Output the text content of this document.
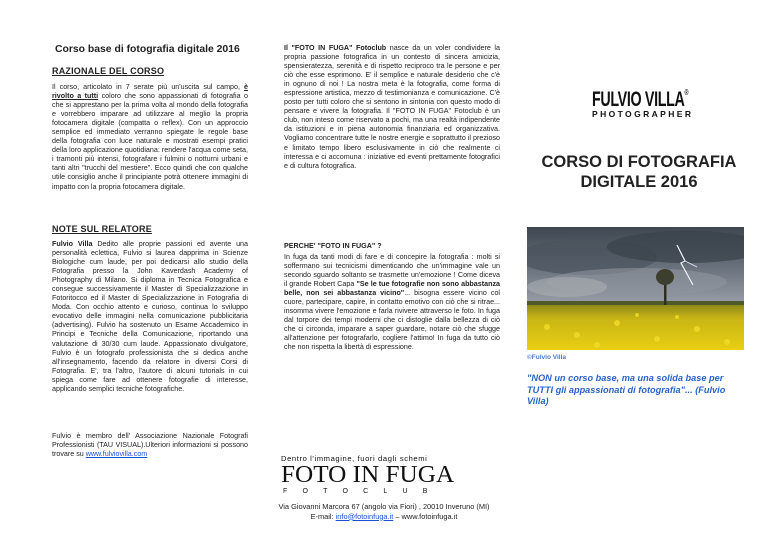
Corso base di fotografia digitale 2016
RAZIONALE DEL CORSO
Il corso, articolato in 7 serate più un'uscita sul campo, è rivolto a tutti coloro che sono appassionati di fotografia o che si apprestano per la prima volta al mondo della fotografia e vorrebbero imparare ad utilizzare al meglio la propria fotocamera digitale (compatta o reflex). Con un approccio semplice ed immediato verranno spiegate le regole base della fotografia con luce naturale e mostrati esempi pratici della loro applicazione quotidiana: rendere l'acqua come seta, i tramonti più intensi, fotografare i fulmini o notturni urbani e tanti altri "trucchi del mestiere". Ecco quindi che con qualche utile consiglio anche il principiante potrà ottenere immagini di impatto con la propria fotocamera digitale.
NOTE SUL RELATORE
Fulvio Villa Dedito alle proprie passioni ed avente una personalità eclettica, Fulvio si laurea dapprima in Scienze Biologiche cum laude, per poi dedicarsi allo studio della Fotografia presso la John Kaverdash Academy of Photography di Milano. Si diploma in Tecnica Fotografica e consegue successivamente il Master di Specializzazione in Fotoritocco ed il Master di Specializzazione in Fotografia di Moda. Con occhio attento e curioso, continua lo sviluppo evocativo delle immagini nella comunicazione pubblicitaria (advertising). Fulvio ha sostenuto un Esame Accademico in Principi e Tecniche della Comunicazione, riportando una valutazione di 30/30 cum laude. Appassionato divulgatore, Fulvio è un fotografo professionista che si dedica anche all'insegnamento, facendo da relatore in diversi Corsi di Fotografia. E', tra l'altro, l'autore di alcuni tutorials in cui spiega come fare ad ottenere fotografie di interesse, applicando semplici tecniche fotografiche.
Fulvio è membro dell' Associazione Nazionale Fotografi Professionisti (TAU VISUAL).Ulteriori informazioni si possono trovare su www.fulviovilla.com
Il "FOTO IN FUGA" Fotoclub nasce da un voler condividere la propria passione fotografica in un contesto di sincera amicizia, spensieratezza, serenità e di rispetto reciproco tra le persone e per ciò che esse esprimono. E' il semplice e naturale desiderio che c'è in ognuno di noi ! La nostra meta è la fotografia, come forma di espressione artistica, mezzo di testimonianza e comunicazione. C'è posto per tutti coloro che si sentono in sintonia con questo modo di pensare e vivere la fotografia. Il "FOTO IN FUGA" Fotoclub è un club, non inteso come riservato a pochi, ma una realtà indipendente da istituzioni e in piena autonomia finanziaria ed organizzativa. Vogliamo concentrare tutte le nostre energie e soprattutto il prezioso e limitato tempo libero esclusivamente in ciò che realmente ci interessa e ci accomuna : iniziative ed eventi prettamente fotografici e di cultura fotografica.
PERCHE' "FOTO IN FUGA" ?
In fuga da tanti modi di fare e di concepire la fotografia : molti si soffermano sui tecnicismi dimenticando che un'immagine vale un secondo sguardo soltanto se trasmette un'emozione ! Come diceva il grande Robert Capa "Se le tue fotografie non sono abbastanza belle, non sei abbastanza vicino"... bisogna essere vicino col cuore, partecipare, capire, in contatto emotivo con ciò che si ritrae... insomma vivere l'emozione e farla rivivere attraverso le foto. In fuga dal torpore dei tempi moderni che ci distoglie dalla bellezza di ciò che ci circonda, imparare a saper guardare, notare ciò che sfugge all'attenzione per fotografarlo, cogliere l'attimo! In fuga da tutto ciò che non rispetta la libertà di espressione.
FULVIO VILLA®
PHOTOGRAPHER
CORSO DI FOTOGRAFIA
DIGITALE 2016
©Fulvio Villa
"NON un corso base, ma una solida base per TUTTI gli appassionati di fotografia"... (Fulvio Villa)
Dentro l'immagine, fuori dagli schemi
FOTO IN FUGA
FOTOCLUB
Via Giovanni Marcora 67 (angolo via Fiori) , 20010 Inveruno (MI)
E-mail: info@fotoinfuga.it – www.fotoinfuga.it
